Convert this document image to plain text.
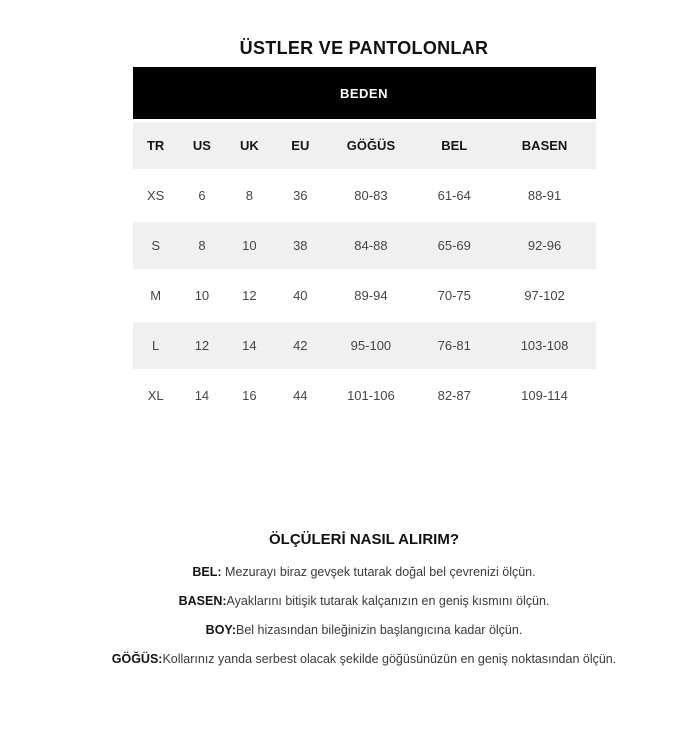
ÜSTLER VE PANTOLONLAR
BEDEN						
TR	US	UK	EU	GÖĞÜS	BEL	BASEN
XS	6	8	36	80-83	61-64	88-91
S	8	10	38	84-88	65-69	92-96
M	10	12	40	89-94	70-75	97-102
L	12	14	42	95-100	76-81	103-108
XL	14	16	44	101-106	82-87	109-114
ÖLÇÜLERİ NASIL ALIRIM?
BEL: Mezurayı biraz gevşek tutarak doğal bel çevrenizi ölçün.
BASEN:Ayaklarını bitişik tutarak kalçanızın en geniş kısmını ölçün.
BOY:Bel hizasından bileğinizin başlangıcına kadar ölçün.
GÖĞÜS:Kollarınız yanda serbest olacak şekilde göğüsünüzün en geniş noktasından ölçün.
